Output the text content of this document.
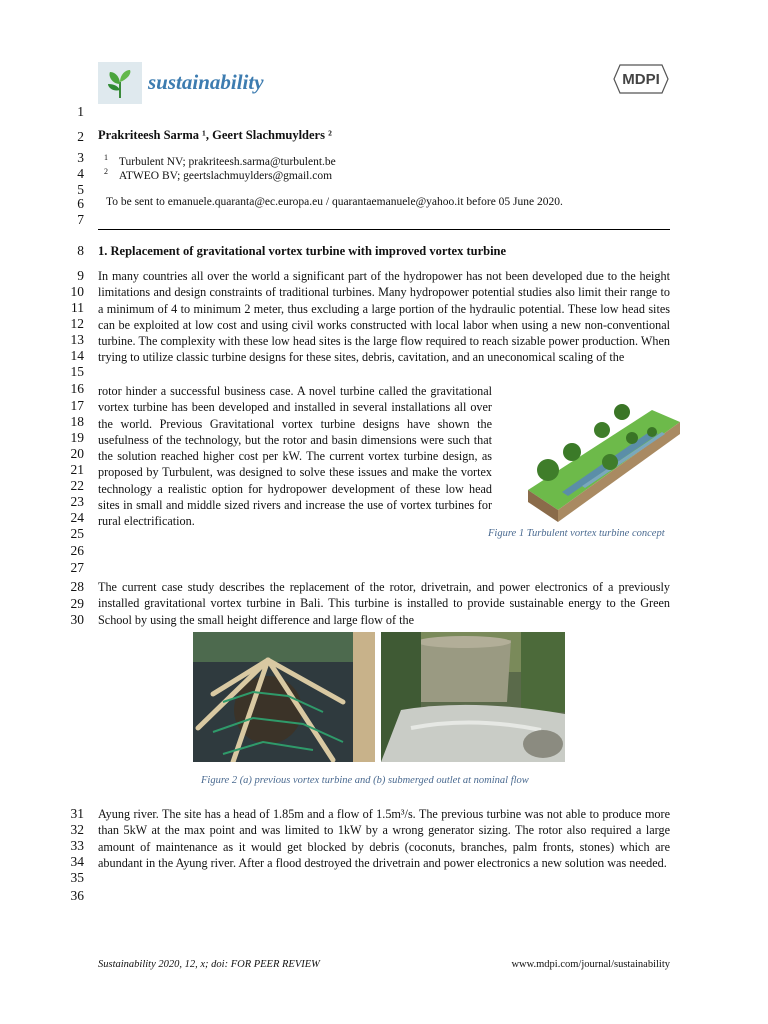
sustainability	MDPI
1
2
3
4
5
6
7
8
9
10
11
12
13
14
15
16
17
18
19
20
21
22
23
24
25
26
27
28
29
30
31
32
33
34
35
36
Prakriteesh Sarma ¹, Geert Slachmuylders ²
$^1$ Turbulent NV; prakriteesh.sarma@turbulent.be
$^2$ ATWEO BV; geertslachmuylders@gmail.com
To be sent to emanuele.quaranta@ec.europa.eu / quarantaemanuele@yahoo.it before 05 June 2020.
1. Replacement of gravitational vortex turbine with improved vortex turbine
In many countries all over the world a significant part of the hydropower has not been developed due to the height limitations and design constraints of traditional turbines. Many hydropower potential studies also limit their range to a minimum of 4 to minimum 2 meter, thus excluding a large portion of the hydraulic potential. These low head sites can be exploited at low cost and using civil works constructed with local labor when using a new non-conventional turbine. The complexity with these low head sites is the large flow required to reach sizable power production. When trying to utilize classic turbine designs for these sites, debris, cavitation, and an uneconomical scaling of the
rotor hinder a successful business case. A novel turbine called the gravitational vortex turbine has been developed and installed in several installations all over the world. Previous Gravitational vortex turbine designs have shown the usefulness of the technology, but the rotor and basin dimensions were such that the solution reached higher cost per kW. The current vortex turbine design, as proposed by Turbulent, was designed to solve these issues and make the vortex technology a realistic option for hydropower development of these low head sites in small and middle sized rivers and increase the use of vortex turbines for rural electrification.
Figure 1 Turbulent vortex turbine concept
The current case study describes the replacement of the rotor, drivetrain, and power electronics of a previously installed gravitational vortex turbine in Bali. This turbine is installed to provide sustainable energy to the Green School by using the small height difference and large flow of the
Figure 2 (a) previous vortex turbine and (b) submerged outlet at nominal flow
Ayung river. The site has a head of 1.85m and a flow of 1.5m³/s. The previous turbine was not able to produce more than 5kW at the max point and was limited to 1kW by a wrong generator sizing. The rotor also required a large amount of maintenance as it would get blocked by debris (coconuts, branches, palm fronts, stones) which are abundant in the Ayung river. After a flood destroyed the drivetrain and power electronics a new solution was needed.
Sustainability 2020, 12, x; doi: FOR PEER REVIEW	www.mdpi.com/journal/sustainability
